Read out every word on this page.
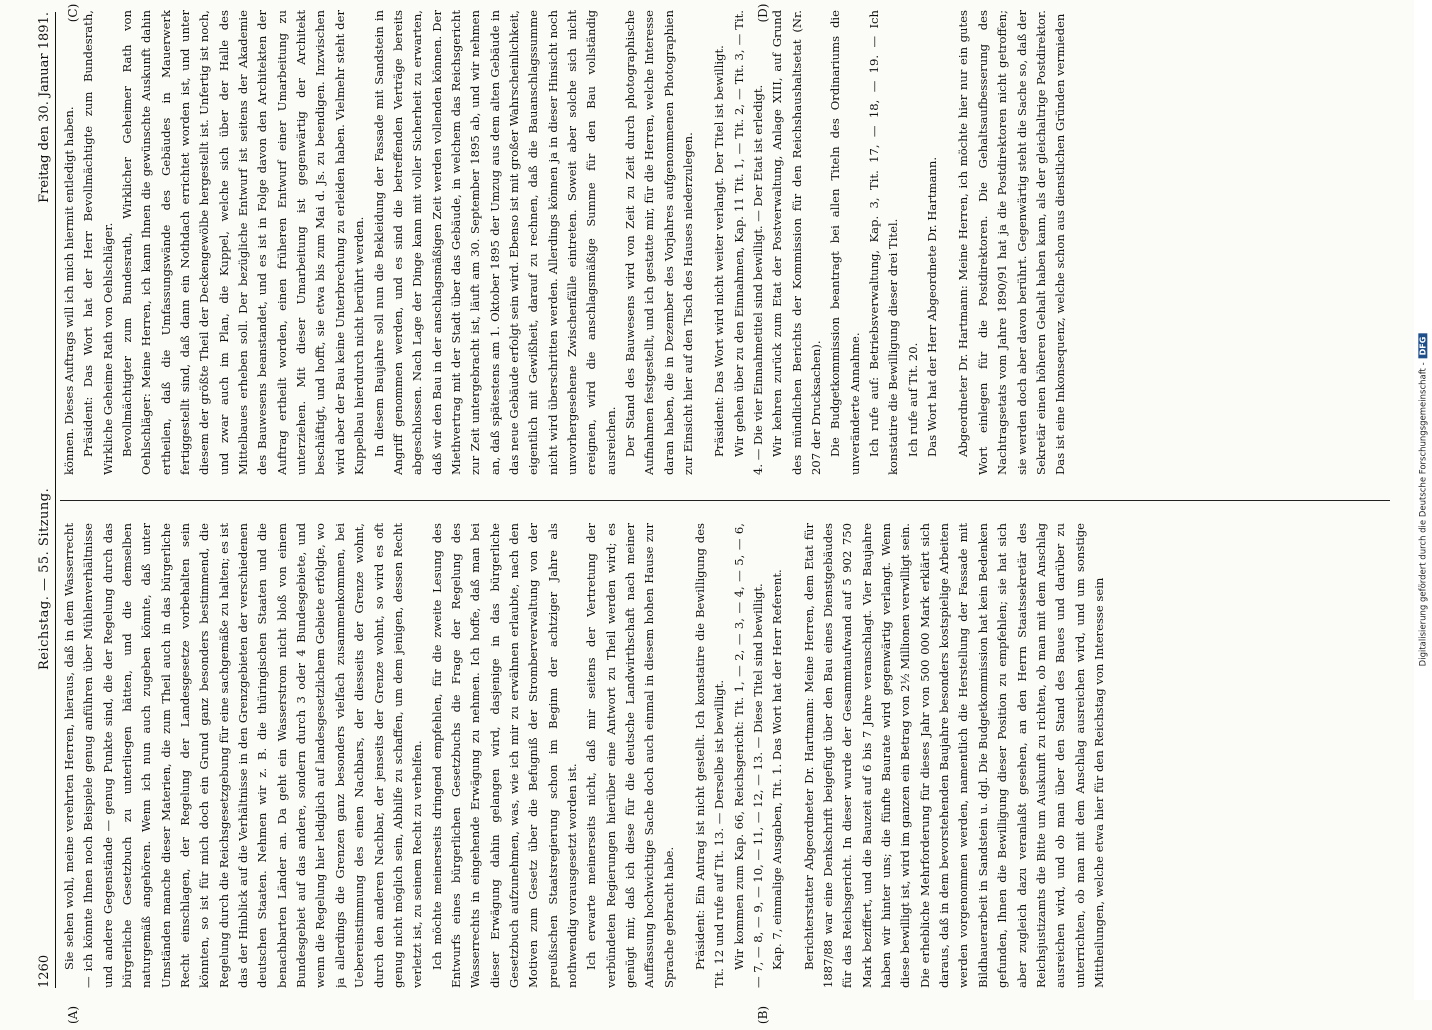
1260
Reichstag. — 55. Sitzung.
Freitag den 30. Januar 1891.
(A)	(B)
(C)	(D)

Sie sehen wohl, meine verehrten Herren, hieraus, daß in dem Wasserrecht — ich könnte Ihnen noch Beispiele genug anführen über Mühlenverhältnisse und andere Gegenstände — genug Punkte sind, die der Regelung durch das bürgerliche Gesetzbuch zu unterliegen hätten, und die demselben naturgemäß angehören. Wenn ich nun auch zugeben könnte, daß unter Umständen manche dieser Materien, die zum Theil auch in das bürgerliche Recht einschlagen, der Regelung der Landesgesetze vorbehalten sein könnten, so ist für mich doch ein Grund ganz besonders bestimmend, die Regelung durch die Reichsgesetzgebung für eine sachgemäße zu halten; es ist das der Hinblick auf die Verhältnisse in den Grenzgebieten der verschiedenen deutschen Staaten. Nehmen wir z. B. die thüringischen Staaten und die benachbarten Länder an. Da geht ein Wasserstrom nicht bloß von einem Bundesgebiet auf das andere, sondern durch 3 oder 4 Bundesgebiete, und wenn die Regelung hier lediglich auf landesgesetzlichem Gebiete erfolgte, wo ja allerdings die Grenzen ganz besonders vielfach zusammenkommen, bei Uebereinstimmung des einen Nachbars, der diesseits der Grenze wohnt, durch den anderen Nachbar, der jenseits der Grenze wohnt, so wird es oft genug nicht möglich sein, Abhilfe zu schaffen, um dem jenigen, dessen Recht verletzt ist, zu seinem Recht zu verhelfen. Ich möchte meinerseits dringend empfehlen, für die zweite Lesung des Entwurfs eines bürgerlichen Gesetzbuchs die Frage der Regelung des Wasserrechts in eingehende Erwägung zu nehmen. Ich hoffe, daß man bei dieser Erwägung dahin gelangen wird, dasjenige in das bürgerliche Gesetzbuch aufzunehmen, was, wie ich mir zu erwähnen erlaubte, nach den Motiven zum Gesetz über die Befugniß der Stromberverwaltung von der preußischen Staatsregierung schon im Beginn der achtziger Jahre als nothwendig vorausgesetzt worden ist. Ich erwarte meinerseits nicht, daß mir seitens der Vertretung der verbündeten Regierungen hierüber eine Antwort zu Theil werden wird; es genügt mir, daß ich diese für die deutsche Landwirthschaft nach meiner Auffassung hochwichtige Sache doch auch einmal in diesem hohen Hause zur Sprache gebracht habe. Präsident: Ein Antrag ist nicht gestellt. Ich konstatire die Bewilligung des Tit. 12 und rufe auf Tit. 13. — Derselbe ist bewilligt. Wir kommen zum Kap. 66, Reichsgericht: Tit. 1, — 2, — 3, — 4, — 5, — 6, — 7, — 8, — 9, — 10, — 11, — 12, — 13. — Diese Titel sind bewilligt. Kap. 7, einmalige Ausgaben, Tit. 1. Das Wort hat der Herr Referent. Berichterstatter Abgeordneter Dr. Hartmann: Meine Herren, dem Etat für 1887/88 war eine Denkschrift beigefügt über den Bau eines Dienstgebäudes für das Reichsgericht. In dieser wurde der Gesammtaufwand auf 5 902 750 Mark beziffert, und die Bauzeit auf 6 bis 7 Jahre veranschlagt. Vier Baujahre haben wir hinter uns; die fünfte Baurate wird gegenwärtig verlangt. Wenn diese bewilligt ist, wird im ganzen ein Betrag von 2½ Millionen verwilligt sein. Die erhebliche Mehrforderung für dieses Jahr von 500 000 Mark erklärt sich daraus, daß in dem bevorstehenden Baujahre besonders kostspielige Arbeiten werden vorgenommen werden, namentlich die Herstellung der Fassade mit Bildhauerarbeit in Sandstein u. dgl. Die Budgetkommission hat kein Bedenken gefunden, Ihnen die Bewilligung dieser Position zu empfehlen; sie hat sich aber zugleich dazu veranlaßt gesehen, an den Herrn Staatssekretär des Reichsjustizamts die Bitte um Auskunft zu richten, ob man mit dem Anschlag ausreichen wird, und ob man über den Stand des Baues und darüber zu unterrichten, ob man mit dem Anschlag ausreichen wird, und um sonstige Mittheilungen, welche etwa hier für den Reichstag von Interesse sein

können. Dieses Auftrags will ich mich hiermit entledigt haben. Präsident: Das Wort hat der Herr Bevollmächtigte zum Bundesrath, Wirkliche Geheime Rath von Oehlschläger. Bevollmächtigter zum Bundesrath, Wirklicher Geheimer Rath von Oehlschläger: Meine Herren, ich kann Ihnen die gewünschte Auskunft dahin ertheilen, daß die Umfassungswände des Gebäudes in Mauerwerk fertiggestellt sind, daß dann ein Nothdach errichtet worden ist, und unter diesem der größte Theil der Deckengewölbe hergestellt ist. Unfertig ist noch, und zwar auch im Plan, die Kuppel, welche sich über der Halle des Mittelbaues erheben soll. Der bezügliche Entwurf ist seitens der Akademie des Bauwesens beanstandet, und es ist in Folge davon den Architekten der Auftrag ertheilt worden, einen früheren Entwurf einer Umarbeitung zu unterziehen. Mit dieser Umarbeitung ist gegenwärtig der Architekt beschäftigt, und hofft, sie etwa bis zum Mai d. Js. zu beendigen. Inzwischen wird aber der Bau keine Unterbrechung zu erleiden haben. Vielmehr steht der Kuppelbau hierdurch nicht berührt werden. In diesem Baujahre soll nun die Bekleidung der Fassade mit Sandstein in Angriff genommen werden, und es sind die betreffenden Verträge bereits abgeschlossen. Nach Lage der Dinge kann mit voller Sicherheit zu erwarten, daß wir den Bau in der anschlagsmäßigen Zeit werden vollenden können. Der Miethvertrag mit der Stadt über das Gebäude, in welchem das Reichsgericht zur Zeit untergebracht ist, läuft am 30. September 1895 ab, und wir nehmen an, daß spätestens am 1. Oktober 1895 der Umzug aus dem alten Gebäude in das neue Gebäude erfolgt sein wird. Ebenso ist mit großer Wahrscheinlichkeit, eigentlich mit Gewißheit, darauf zu rechnen, daß die Bauanschlagssumme nicht wird überschritten werden. Allerdings können ja in dieser Hinsicht noch unvorhergesehene Zwischenfälle eintreten. Soweit aber solche sich nicht ereignen, wird die anschlagsmäßige Summe für den Bau vollständig ausreichen. Der Stand des Bauwesens wird von Zeit zu Zeit durch photographische Aufnahmen festgestellt, und ich gestatte mir, für die Herren, welche Interesse daran haben, die in Dezember des Vorjahres aufgenommenen Photographien zur Einsicht hier auf den Tisch des Hauses niederzulegen. Präsident: Das Wort wird nicht weiter verlangt. Der Titel ist bewilligt. Wir gehen über zu den Einnahmen, Kap. 11 Tit. 1, — Tit. 2, — Tit. 3, — Tit. 4. — Die vier Einnahmetitel sind bewilligt. — Der Etat ist erledigt. Wir kehren zurück zum Etat der Postverwaltung, Anlage XIII, auf Grund des mündlichen Berichts der Kommission für den Reichshaushaltsetat (Nr. 207 der Drucksachen). Die Budgetkommission beantragt bei allen Titeln des Ordinariums die unveränderte Annahme. Ich rufe auf: Betriebsverwaltung, Kap. 3, Tit. 17, — 18, — 19. — Ich konstatire die Bewilligung dieser drei Titel. Ich rufe auf Tit. 20. Das Wort hat der Herr Abgeordnete Dr. Hartmann. Abgeordneter Dr. Hartmann: Meine Herren, ich möchte hier nur ein gutes Wort einlegen für die Postdirektoren. Die Gehaltsaufbesserung des Nachtragsetats vom Jahre 1890/91 hat ja die Postdirektoren nicht getroffen; sie werden doch aber davon berührt. Gegenwärtig steht die Sache so, daß der Sekretär einen höheren Gehalt haben kann, als der gleichaltrige Postdirektor. Das ist eine Inkonsequenz, welche schon aus dienstlichen Gründen vermieden

Digitalisierung gefördert durch die Deutsche Forschungsgemeinschaft -DFG
